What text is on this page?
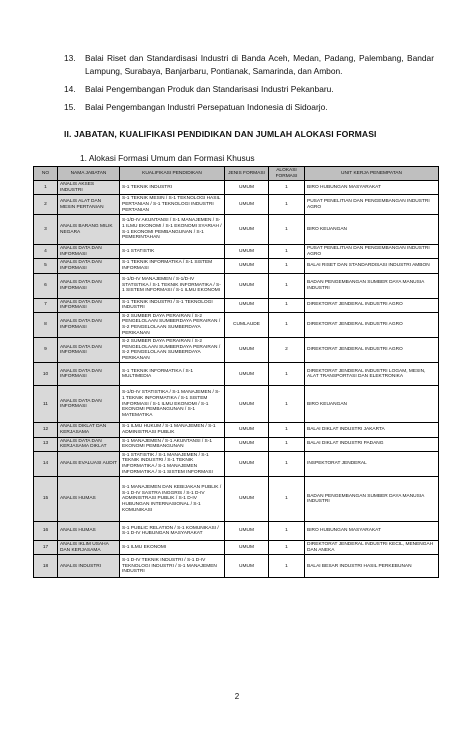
13.	Balai Riset dan Standardisasi Industri di Banda Aceh, Medan, Padang, Palembang, Bandar Lampung, Surabaya, Banjarbaru, Pontianak, Samarinda, dan Ambon.
14.	Balai Pengembangan Produk dan Standarisasi Industri Pekanbaru.
15.	Balai Pengembangan Industri Persepatuan Indonesia di Sidoarjo.
II. JABATAN, KUALIFIKASI PENDIDIKAN DAN JUMLAH ALOKASI FORMASI
1. Alokasi Formasi Umum dan Formasi Khusus
NO	NAMA JABATAN	KUALIFIKASI PENDIDIKAN	JENIS FORMASI	ALOKASI FORMASI	UNIT KERJA PENEMPATAN
1	ANALIS AKSES INDUSTRI	S-1 TEKNIK INDUSTRI	UMUM	1	BIRO HUBUNGAN MASYARAKAT
2	ANALIS ALAT DAN MESIN PERTANIAN	S-1 TEKNIK MESIN / S-1 TEKNOLOGI HASIL PERTANIAN / S-1 TEKNOLOGI INDUSTRI PERTANIAN	UMUM	1	PUSAT PENELITIAN DAN PENGEMBANGAN INDUSTRI AGRO
3	ANALIS BARANG MILIK NEGARA	S-1/D-IV AKUNTANSI / S-1 MANAJEMEN / S-1 ILMU EKONOMI / S-1 EKONOMI SYARIAH / S-1 EKONOMI PEMBANGUNAN / S-1 PEMERINTAHAN	UMUM	1	BIRO KEUANGAN
4	ANALIS DATA DAN INFORMASI	S-1 STATISTIK	UMUM	1	PUSAT PENELITIAN DAN PENGEMBANGAN INDUSTRI AGRO
5	ANALIS DATA DAN INFORMASI	S-1 TEKNIK INFORMATIKA / S-1 SISTEM INFORMASI	UMUM	1	BALAI RISET DAN STANDARDISASI INDUSTRI AMBON
6	ANALIS DATA DAN INFORMASI	S-1/D-IV MANAJEMEN / S-1/D-IV STATISTIKA / S-1 TEKNIK INFORMATIKA / S-1 SISTEM INFORMASI / S-1 ILMU EKONOMI	UMUM	1	BADAN PENGEMBANGAN SUMBER DAYA MANUSIA INDUSTRI
7	ANALIS DATA DAN INFORMASI	S-1 TEKNIK INDUSTRI / S-1 TEKNOLOGI INDUSTRI	UMUM	1	DIREKTORAT JENDERAL INDUSTRI AGRO
8	ANALIS DATA DAN INFORMASI	S-2 SUMBER DAYA PERAIRAN / S-2 PENGELOLAAN SUMBERDAYA PERAIRAN / S-2 PENGELOLAAN SUMBERDAYA PERIKANAN	CUMLAUDE	1	DIREKTORAT JENDERAL INDUSTRI AGRO
9	ANALIS DATA DAN INFORMASI	S-2 SUMBER DAYA PERAIRAN / S-2 PENGELOLAAN SUMBERDAYA PERAIRAN / S-2 PENGELOLAAN SUMBERDAYA PERIKANAN	UMUM	2	DIREKTORAT JENDERAL INDUSTRI AGRO
10	ANALIS DATA DAN INFORMASI	S-1 TEKNIK INFORMATIKA / S-1 MULTIMEDIA	UMUM	1	DIREKTORAT JENDERAL INDUSTRI LOGAM, MESIN, ALAT TRANSPORTASI DAN ELEKTRONIKA
11	ANALIS DATA DAN INFORMASI	S-1/D-IV STATISTIKA / S-1 MANAJEMEN / S-1 TEKNIK INFORMATIKA / S-1 SISTEM INFORMASI / S-1 ILMU EKONOMI / S-1 EKONOMI PEMBANGUNAN / S-1 MATEMATIKA	UMUM	1	BIRO KEUANGAN
12	ANALIS DIKLAT DAN KERJASAMA	S-1 ILMU HUKUM / S-1 MANAJEMEN / S-1 ADMINISTRASI PUBLIK	UMUM	1	BALAI DIKLAT INDUSTRI JAKARTA
13	ANALIS DATA DAN KERJASAMA DIKLAT	S-1 MANAJEMEN / S-1 AKUNTANSI / S-1 EKONOMI PEMBANGUNAN	UMUM	1	BALAI DIKLAT INDUSTRI PADANG
14	ANALIS EVALUASI AUDIT	S-1 STATISTIK / S-1 MANAJEMEN / S-1 TEKNIK INDUSTRI / S-1 TEKNIK INFORMATIKA / S-1 MANAJEMEN INFORMATIKA / S-1 SISTEM INFORMASI	UMUM	1	INSPEKTORAT JENDERAL
15	ANALIS HUMAS	S-1 MANAJEMEN DAN KEBIJAKAN PUBLIK / S-1 D-IV SASTRA INGGRIS / S-1 D-IV ADMINISTRASI PUBLIK / S-1 D-IV HUBUNGAN INTERNASIONAL / S-1 KOMUNIKASI	UMUM	1	BADAN PENGEMBANGAN SUMBER DAYA MANUSIA INDUSTRI
16	ANALIS HUMAS	S-1 PUBLIC RELATION / S-1 KOMUNIKASI / S-1 D-IV HUBUNGAN MASYARAKAT	UMUM	1	BIRO HUBUNGAN MASYARAKAT
17	ANALIS IKLIM USAHA DAN KERJASAMA	S-1 ILMU EKONOMI	UMUM	1	DIREKTORAT JENDERAL INDUSTRI KECIL, MENENGAH DAN ANEKA
18	ANALIS INDUSTRI	S-1 D-IV TEKNIK INDUSTRI / S-1 D-IV TEKNOLOGI INDUSTRI / S-1 MANAJEMEN INDUSTRI	UMUM	1	BALAI BESAR INDUSTRI HASIL PERKEBUNAN
2
